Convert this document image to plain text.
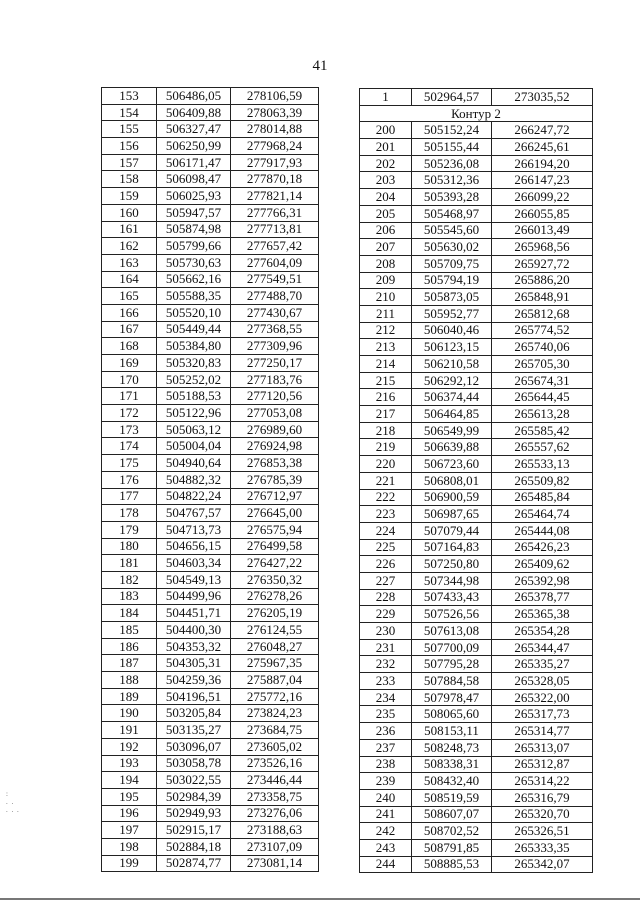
41
153	506486,05	278106,59
154	506409,88	278063,39
155	506327,47	278014,88
156	506250,99	277968,24
157	506171,47	277917,93
158	506098,47	277870,18
159	506025,93	277821,14
160	505947,57	277766,31
161	505874,98	277713,81
162	505799,66	277657,42
163	505730,63	277604,09
164	505662,16	277549,51
165	505588,35	277488,70
166	505520,10	277430,67
167	505449,44	277368,55
168	505384,80	277309,96
169	505320,83	277250,17
170	505252,02	277183,76
171	505188,53	277120,56
172	505122,96	277053,08
173	505063,12	276989,60
174	505004,04	276924,98
175	504940,64	276853,38
176	504882,32	276785,39
177	504822,24	276712,97
178	504767,57	276645,00
179	504713,73	276575,94
180	504656,15	276499,58
181	504603,34	276427,22
182	504549,13	276350,32
183	504499,96	276278,26
184	504451,71	276205,19
185	504400,30	276124,55
186	504353,32	276048,27
187	504305,31	275967,35
188	504259,36	275887,04
189	504196,51	275772,16
190	503205,84	273824,23
191	503135,27	273684,75
192	503096,07	273605,02
193	503058,78	273526,16
194	503022,55	273446,44
195	502984,39	273358,75
196	502949,93	273276,06
197	502915,17	273188,63
198	502884,18	273107,09
199	502874,77	273081,14
1	502964,57	273035,52
Контур 2		
200	505152,24	266247,72
201	505155,44	266245,61
202	505236,08	266194,20
203	505312,36	266147,23
204	505393,28	266099,22
205	505468,97	266055,85
206	505545,60	266013,49
207	505630,02	265968,56
208	505709,75	265927,72
209	505794,19	265886,20
210	505873,05	265848,91
211	505952,77	265812,68
212	506040,46	265774,52
213	506123,15	265740,06
214	506210,58	265705,30
215	506292,12	265674,31
216	506374,44	265644,45
217	506464,85	265613,28
218	506549,99	265585,42
219	506639,88	265557,62
220	506723,60	265533,13
221	506808,01	265509,82
222	506900,59	265485,84
223	506987,65	265464,74
224	507079,44	265444,08
225	507164,83	265426,23
226	507250,80	265409,62
227	507344,98	265392,98
228	507433,43	265378,77
229	507526,56	265365,38
230	507613,08	265354,28
231	507700,09	265344,47
232	507795,28	265335,27
233	507884,58	265328,05
234	507978,47	265322,00
235	508065,60	265317,73
236	508153,11	265314,77
237	508248,73	265313,07
238	508338,31	265312,87
239	508432,40	265314,22
240	508519,59	265316,79
241	508607,07	265320,70
242	508702,52	265326,51
243	508791,85	265333,35
244	508885,53	265342,07
:
. .
. . .
